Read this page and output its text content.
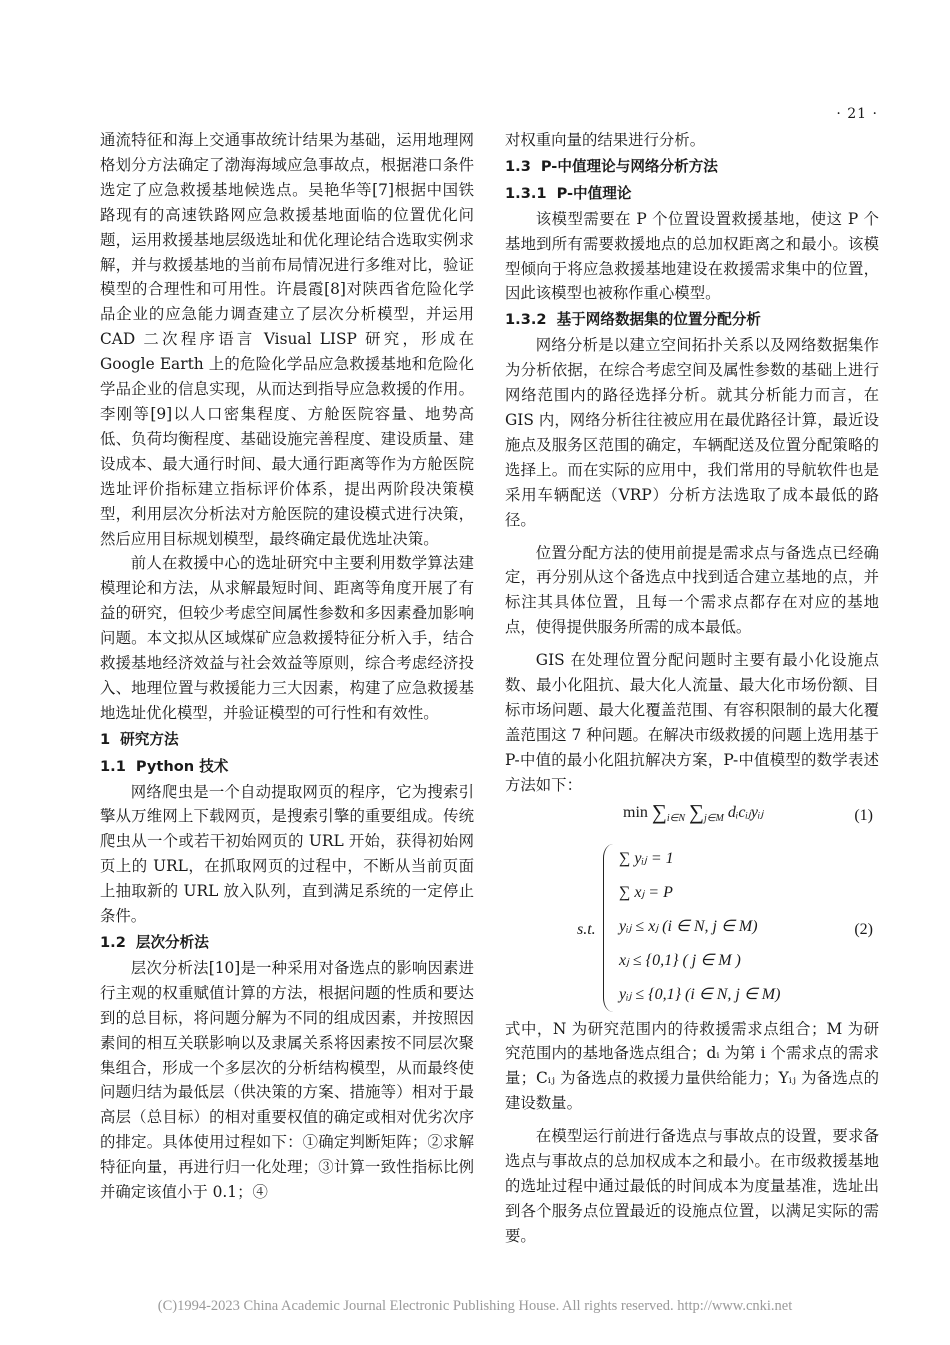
· 21 ·

通流特征和海上交通事故统计结果为基础，运用地理网格划分方法确定了渤海海域应急事故点，根据港口条件选定了应急救援基地候选点。吴艳华等[7]根据中国铁路现有的高速铁路网应急救援基地面临的位置优化问题，运用救援基地层级选址和优化理论结合选取实例求解，并与救援基地的当前布局情况进行多维对比，验证模型的合理性和可用性。许晨霞[8]对陕西省危险化学品企业的应急能力调查建立了层次分析模型，并运用 CAD 二次程序语言 Visual LISP 研究，形成在 Google Earth 上的危险化学品应急救援基地和危险化学品企业的信息实现，从而达到指导应急救援的作用。李刚等[9]以人口密集程度、方舱医院容量、地势高低、负荷均衡程度、基础设施完善程度、建设质量、建设成本、最大通行时间、最大通行距离等作为方舱医院选址评价指标建立指标评价体系，提出两阶段决策模型，利用层次分析法对方舱医院的建设模式进行决策，然后应用目标规划模型，最终确定最优选址决策。

前人在救援中心的选址研究中主要利用数学算法建模理论和方法，从求解最短时间、距离等角度开展了有益的研究，但较少考虑空间属性参数和多因素叠加影响问题。本文拟从区域煤矿应急救援特征分析入手，结合救援基地经济效益与社会效益等原则，综合考虑经济投入、地理位置与救援能力三大因素，构建了应急救援基地选址优化模型，并验证模型的可行性和有效性。

1 研究方法
1.1 Python 技术

网络爬虫是一个自动提取网页的程序，它为搜索引擎从万维网上下载网页，是搜索引擎的重要组成。传统爬虫从一个或若干初始网页的 URL 开始，获得初始网页上的 URL，在抓取网页的过程中，不断从当前页面上抽取新的 URL 放入队列，直到满足系统的一定停止条件。

1.2 层次分析法

层次分析法[10]是一种采用对备选点的影响因素进行主观的权重赋值计算的方法，根据问题的性质和要达到的总目标，将问题分解为不同的组成因素，并按照因素间的相互关联影响以及隶属关系将因素按不同层次聚集组合，形成一个多层次的分析结构模型，从而最终使问题归结为最低层（供决策的方案、措施等）相对于最高层（总目标）的相对重要权值的确定或相对优劣次序的排定。具体使用过程如下：①确定判断矩阵；②求解特征向量，再进行归一化处理；③计算一致性指标比例并确定该值小于 0.1；④

对权重向量的结果进行分析。

1.3 P-中值理论与网络分析方法
1.3.1 P-中值理论

该模型需要在 P 个位置设置救援基地，使这 P 个基地到所有需要救援地点的总加权距离之和最小。该模型倾向于将应急救援基地建设在救援需求集中的位置，因此该模型也被称作重心模型。

1.3.2 基于网络数据集的位置分配分析

网络分析是以建立空间拓扑关系以及网络数据集作为分析依据，在综合考虑空间及属性参数的基础上进行网络范围内的路径选择分析。就其分析能力而言，在 GIS 内，网络分析往往被应用在最优路径计算，最近设施点及服务区范围的确定，车辆配送及位置分配策略的选择上。而在实际的应用中，我们常用的导航软件也是采用车辆配送（VRP）分析方法选取了成本最低的路径。

位置分配方法的使用前提是需求点与备选点已经确定，再分别从这个备选点中找到适合建立基地的点，并标注其具体位置，且每一个需求点都存在对应的基地点，使得提供服务所需的成本最低。

GIS 在处理位置分配问题时主要有最小化设施点数、最小化阻抗、最大化人流量、最大化市场份额、目标市场问题、最大化覆盖范围、有容积限制的最大化覆盖范围这 7 种问题。在解决市级救援的问题上选用基于 P-中值的最小化阻抗解决方案，P-中值模型的数学表述方法如下：

$\min \sum_{i\in N}$ $\sum_{j\in M}$ dᵢcᵢⱼyᵢⱼ	(1)
s.t.
∑ yᵢⱼ = 1
∑ xⱼ = P
yᵢⱼ ≤ xⱼ (i ∈ N, j ∈ M)
xⱼ ≤ {0,1} ( j ∈ M )
yᵢⱼ ≤ {0,1} (i ∈ N, j ∈ M)
(2)

式中，N 为研究范围内的待救援需求点组合；M 为研究范围内的基地备选点组合；dᵢ 为第 i 个需求点的需求量；Cᵢⱼ 为备选点的救援力量供给能力；Yᵢⱼ 为备选点的建设数量。

在模型运行前进行备选点与事故点的设置，要求备选点与事故点的总加权成本之和最小。在市级救援基地的选址过程中通过最低的时间成本为度量基准，选址出到各个服务点位置最近的设施点位置，以满足实际的需要。

(C)1994-2023 China Academic Journal Electronic Publishing House. All rights reserved. http://www.cnki.net
